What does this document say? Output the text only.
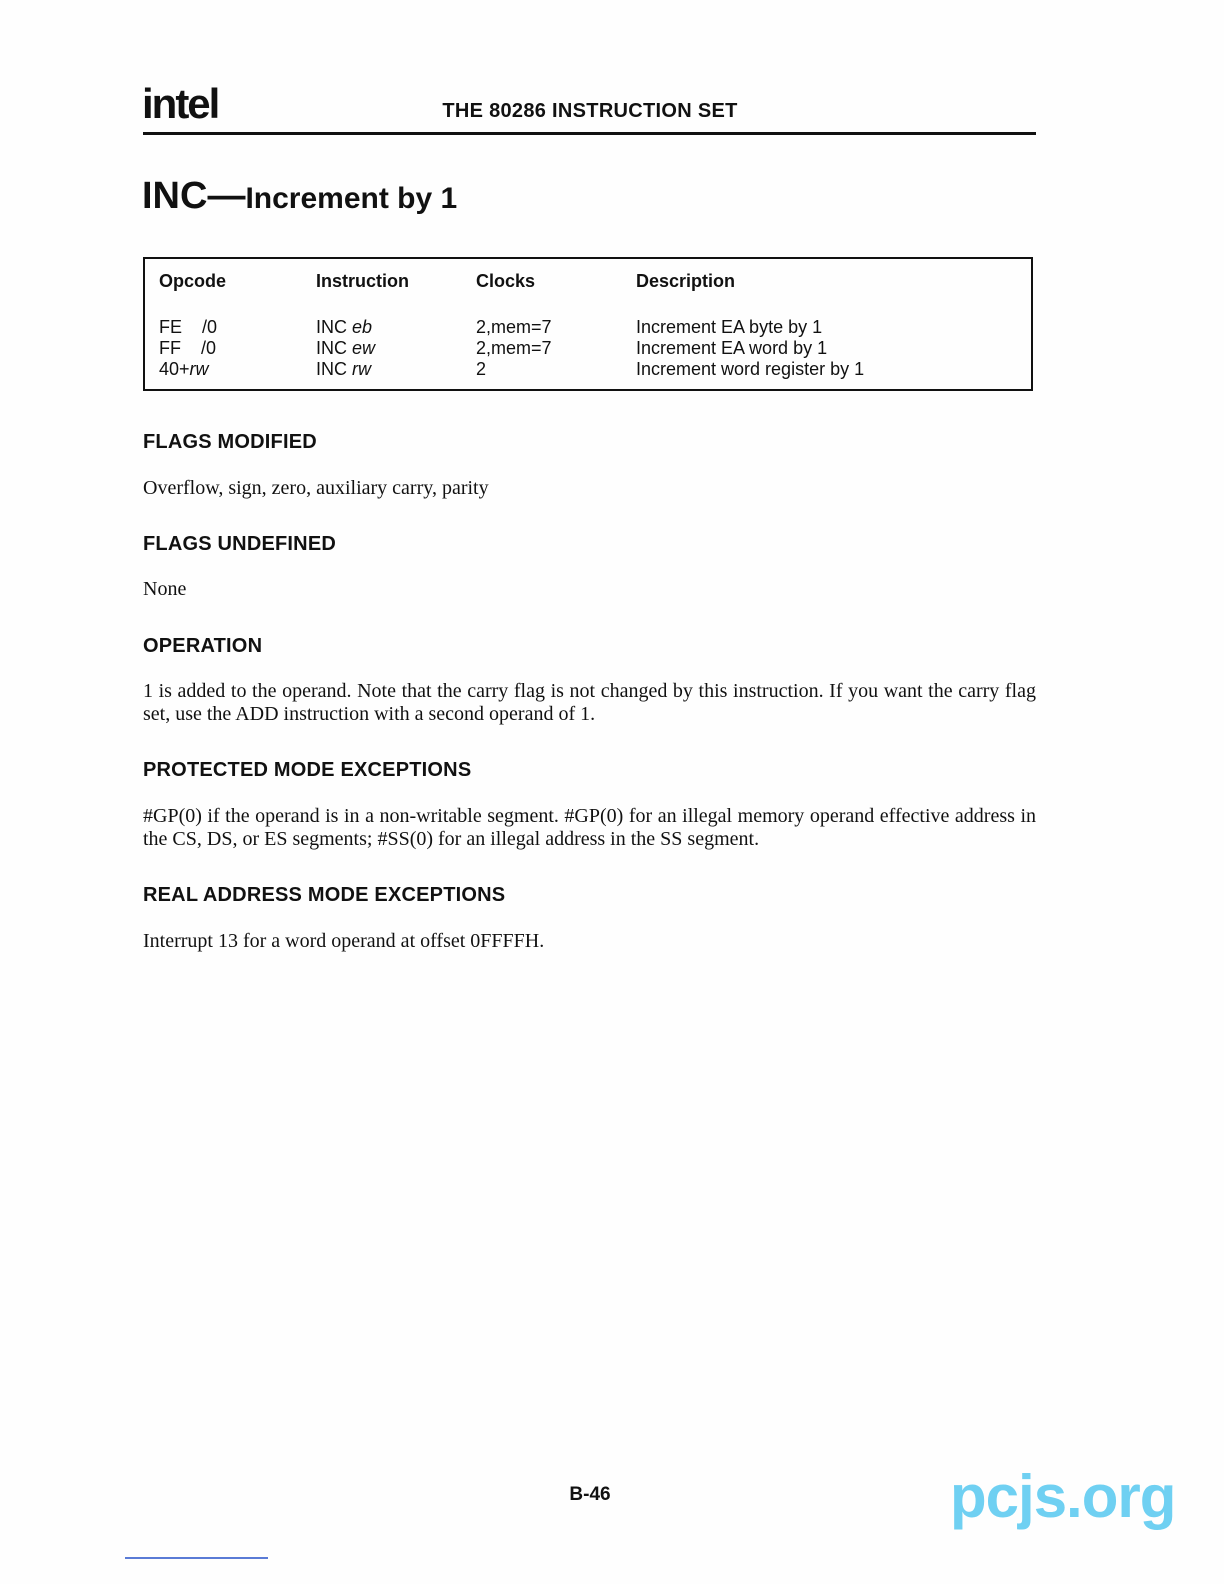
intel	THE 80286 INSTRUCTION SET
INC—Increment by 1
Opcode
FE /0
FF /0
40+rw
Instruction
INC eb
INC ew
INC rw
Clocks
2,mem=7
2,mem=7
2
Description
Increment EA byte by 1
Increment EA word by 1
Increment word register by 1
FLAGS MODIFIED
Overflow, sign, zero, auxiliary carry, parity
FLAGS UNDEFINED
None
OPERATION
1 is added to the operand. Note that the carry flag is not changed by this instruction. If you want the carry flag set, use the ADD instruction with a second operand of 1.
PROTECTED MODE EXCEPTIONS
#GP(0) if the operand is in a non-writable segment. #GP(0) for an illegal memory operand effective address in the CS, DS, or ES segments; #SS(0) for an illegal address in the SS segment.
REAL ADDRESS MODE EXCEPTIONS
Interrupt 13 for a word operand at offset 0FFFFH.
B-46	pcjs.org
